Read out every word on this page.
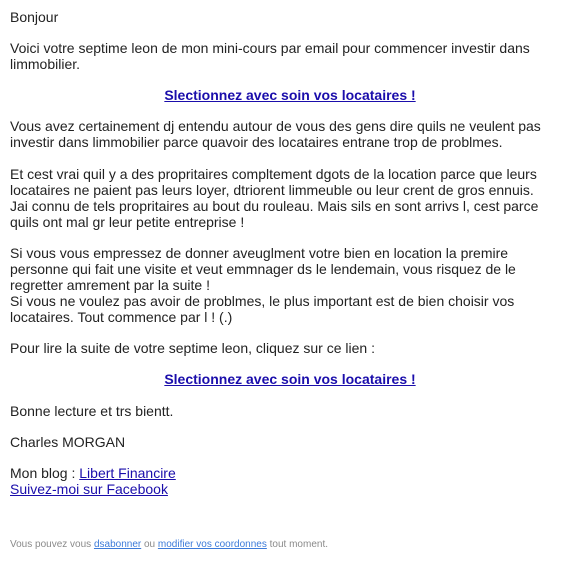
Bonjour

Voici votre septime leon de mon mini-cours par email pour commencer investir dans limmobilier.

Slectionnez avec soin vos locataires !

Vous avez certainement dj entendu autour de vous des gens dire quils ne veulent pas investir dans limmobilier parce quavoir des locataires entrane trop de problmes.

Et cest vrai quil y a des propritaires compltement dgots de la location parce que leurs locataires ne paient pas leurs loyer, dtriorent limmeuble ou leur crent de gros ennuis.

Jai connu de tels propritaires au bout du rouleau. Mais sils en sont arrivs l, cest parce quils ont mal gr leur petite entreprise !

Si vous vous empressez de donner aveuglment votre bien en location la premire personne qui fait une visite et veut emmnager ds le lendemain, vous risquez de le regretter amrement par la suite !

Si vous ne voulez pas avoir de problmes, le plus important est de bien choisir vos locataires. Tout commence par l ! (.)

Pour lire la suite de votre septime leon, cliquez sur ce lien :

Slectionnez avec soin vos locataires !

Bonne lecture et trs bientt.

Charles MORGAN

Mon blog : Libert Financire

Suivez-moi sur Facebook

Vous pouvez vous dsabonner ou modifier vos coordonnes tout moment.
